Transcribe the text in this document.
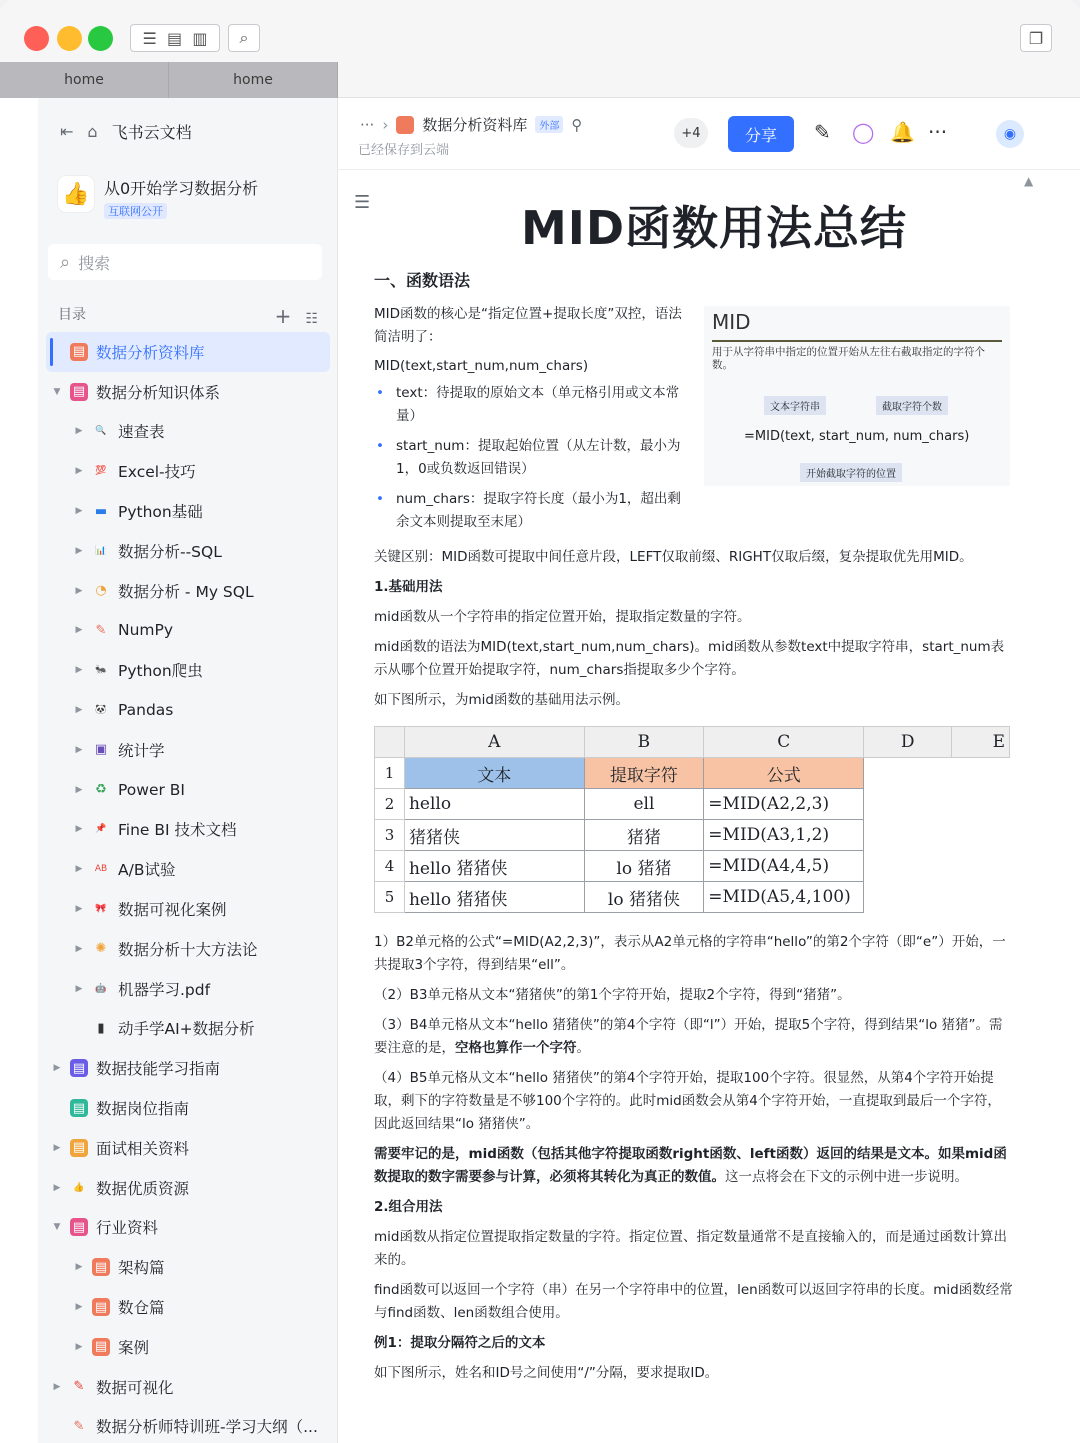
☰
▤
▥	⌕	❐
home	home
⇤ ⌂ 飞书云文档
👍 从0开始学习数据分析
互联网公开
⌕ 搜索
目录	+ ☷
▤ 数据分析资料库
▼ ▤ 数据分析知识体系
▶	🔍 速查表
▶	💯 Excel-技巧
▶ ▬ Python基础
▶	📊 数据分析--SQL
▶ ◔ 数据分析 - My SQL
▶ ✎ NumPy
▶	🐜 Python爬虫
▶	🐼 Pandas
▶ ▣ 统计学
▶ ♻ Power BI
▶	📌 Fine BI 技术文档
▶	AB A/B试验
▶	🎀 数据可视化案例
▶ ✺ 数据分析十大方法论
▶	🤖 机器学习.pdf
▮ 动手学AI+数据分析
▶ ▤ 数据技能学习指南
▤ 数据岗位指南
▶ ▤ 面试相关资料
▶	👍 数据优质资源
▼ ▤ 行业资料
▶ ▤ 架构篇
▶ ▤ 数仓篇
▶ ▤ 案例
▶ ✎ 数据可视化
✎ 数据分析师特训班-学习大纲（...
··· › 数据分析资料库	外部 ⚲
已经保存到云端
+4	分享	✎ ◯ 🔔 ···	◉
☰
▲
MID函数用法总结
一、函数语法
MID函数的核心是“指定位置+提取长度”双控，语法简洁明了：
MID(text,start_num,num_chars)
• text：待提取的原始文本（单元格引用或文本常量）
• start_num：提取起始位置（从左计数，最小为1，0或负数返回错误）
• num_chars：提取字符长度（最小为1，超出剩余文本则提取至末尾）
MID
用于从字符串中指定的位置开始从左往右截取指定的字符个数。
文本字符串	截取字符个数
=MID(text, start_num, num_chars)
开始截取字符的位置
关键区别：MID函数可提取中间任意片段，LEFT仅取前缀、RIGHT仅取后缀，复杂提取优先用MID。
1.基础用法
mid函数从一个字符串的指定位置开始，提取指定数量的字符。
mid函数的语法为MID(text,start_num,num_chars)。mid函数从参数text中提取字符串，start_num表示从哪个位置开始提取字符，num_chars指提取多少个字符。
如下图所示，为mid函数的基础用法示例。
	A	B	C	D	E
1	文本	提取字符	公式		
2	hello	ell	=MID(A2,2,3)		
3	猪猪侠	猪猪	=MID(A3,1,2)		
4	hello 猪猪侠	lo 猪猪	=MID(A4,4,5)		
5	hello 猪猪侠	lo 猪猪侠	=MID(A5,4,100)		
1）B2单元格的公式“=MID(A2,2,3)”，表示从A2单元格的字符串“hello”的第2个字符（即“e”）开始，一共提取3个字符，得到结果“ell”。
（2）B3单元格从文本“猪猪侠”的第1个字符开始，提取2个字符，得到“猪猪”。
（3）B4单元格从文本“hello 猪猪侠”的第4个字符（即“l”）开始，提取5个字符，得到结果“lo 猪猪”。需要注意的是，空格也算作一个字符。
（4）B5单元格从文本“hello 猪猪侠”的第4个字符开始，提取100个字符。很显然，从第4个字符开始提取，剩下的字符数量是不够100个字符的。此时mid函数会从第4个字符开始，一直提取到最后一个字符，因此返回结果“lo 猪猪侠”。
需要牢记的是，mid函数（包括其他字符提取函数right函数、left函数）返回的结果是文本。如果mid函数提取的数字需要参与计算，必须将其转化为真正的数值。这一点将会在下文的示例中进一步说明。
2.组合用法
mid函数从指定位置提取指定数量的字符。指定位置、指定数量通常不是直接输入的，而是通过函数计算出来的。
find函数可以返回一个字符（串）在另一个字符串中的位置，len函数可以返回字符串的长度。mid函数经常与find函数、len函数组合使用。
例1：提取分隔符之后的文本
如下图所示，姓名和ID号之间使用“/”分隔，要求提取ID。
